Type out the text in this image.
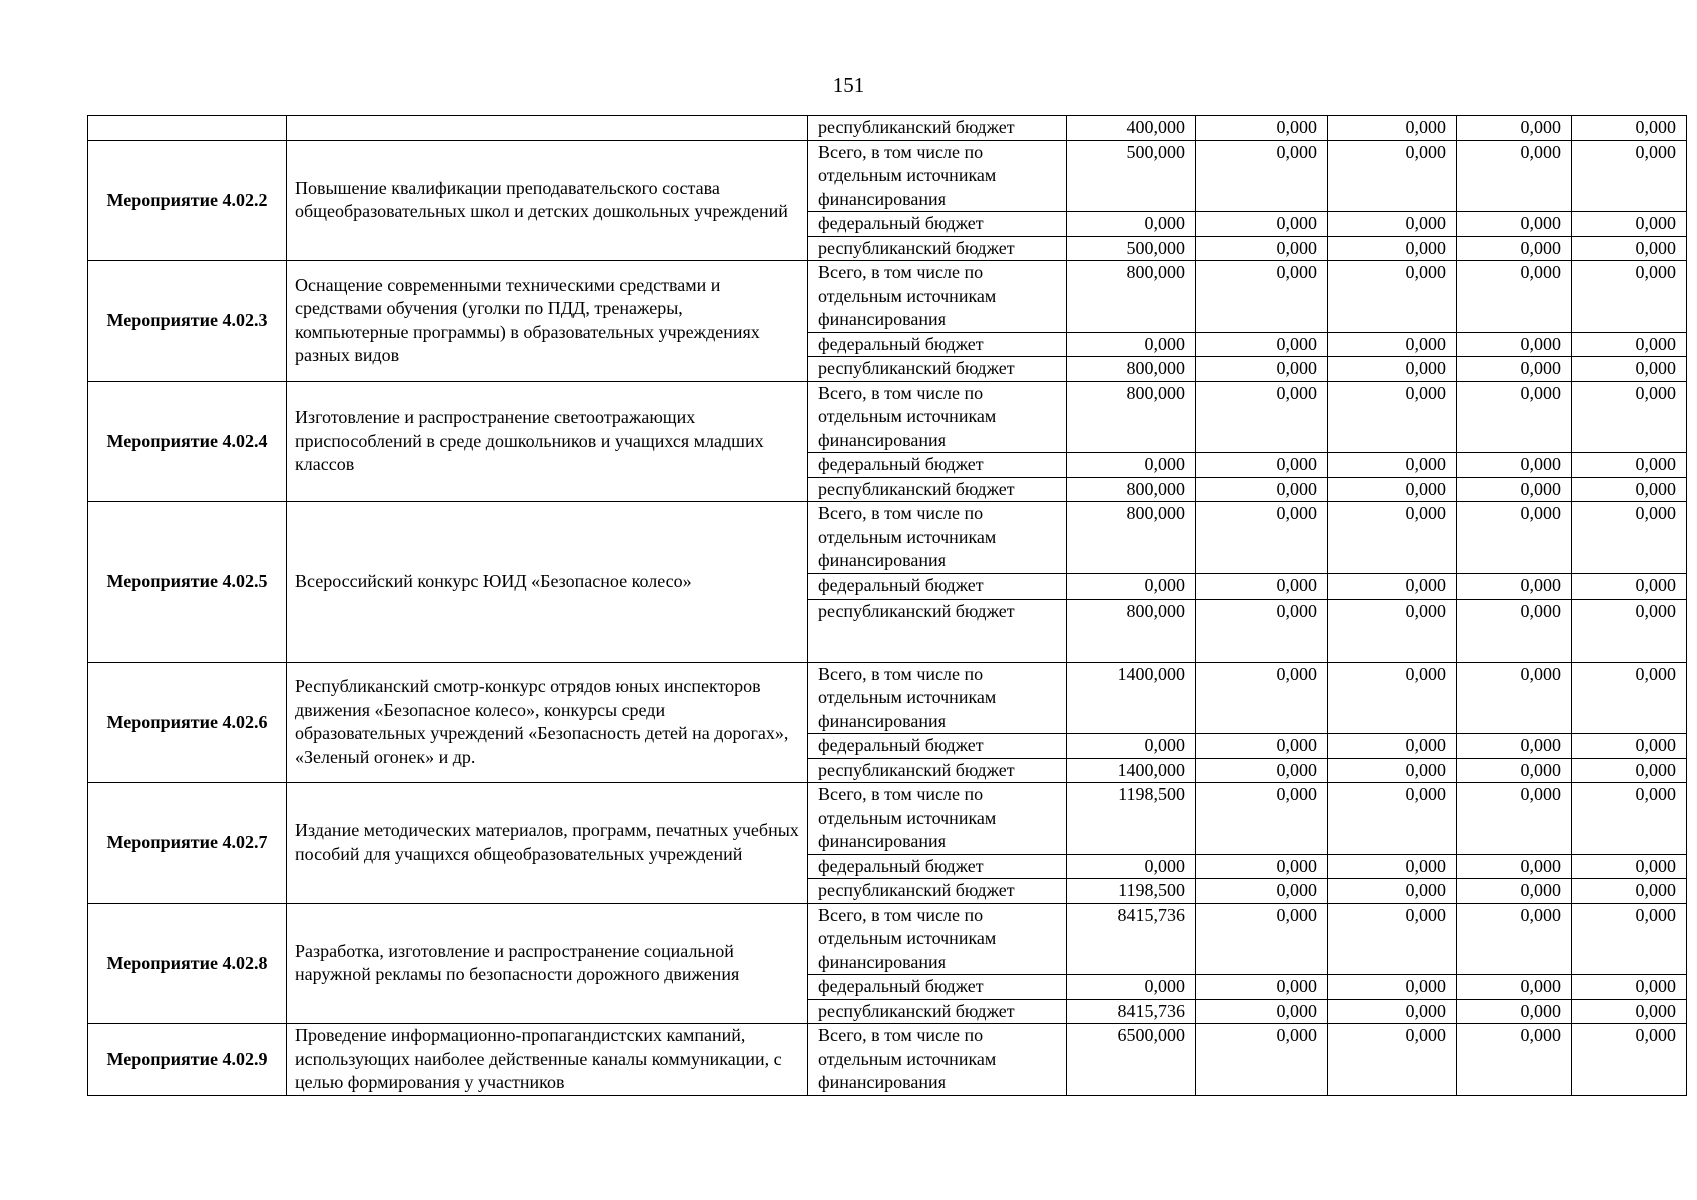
151
		республиканский бюджет	400,000	0,000	0,000	0,000	0,000
Мероприятие 4.02.2	Повышение квалификации преподавательского состава общеобразовательных школ и детских дошкольных учреждений	Всего, в том числе по отдельным источникам финансирования	500,000	0,000	0,000	0,000	0,000
		федеральный бюджет	0,000	0,000	0,000	0,000	0,000
		республиканский бюджет	500,000	0,000	0,000	0,000	0,000
Мероприятие 4.02.3	Оснащение современными техническими средствами и средствами обучения (уголки по ПДД, тренажеры, компьютерные программы) в образовательных учреждениях разных видов	Всего, в том числе по отдельным источникам финансирования	800,000	0,000	0,000	0,000	0,000
		федеральный бюджет	0,000	0,000	0,000	0,000	0,000
		республиканский бюджет	800,000	0,000	0,000	0,000	0,000
Мероприятие 4.02.4	Изготовление и распространение светоотражающих приспособлений в среде дошкольников и учащихся младших классов	Всего, в том числе по отдельным источникам финансирования	800,000	0,000	0,000	0,000	0,000
		федеральный бюджет	0,000	0,000	0,000	0,000	0,000
		республиканский бюджет	800,000	0,000	0,000	0,000	0,000
Мероприятие 4.02.5	Всероссийский конкурс ЮИД «Безопасное колесо»	Всего, в том числе по отдельным источникам финансирования	800,000	0,000	0,000	0,000	0,000
		федеральный бюджет	0,000	0,000	0,000	0,000	0,000
		республиканский бюджет	800,000	0,000	0,000	0,000	0,000
Мероприятие 4.02.6	Республиканский смотр-конкурс отрядов юных инспекторов движения «Безопасное колесо», конкурсы среди образовательных учреждений «Безопасность детей на дорогах», «Зеленый огонек» и др.	Всего, в том числе по отдельным источникам финансирования	1400,000	0,000	0,000	0,000	0,000
		федеральный бюджет	0,000	0,000	0,000	0,000	0,000
		республиканский бюджет	1400,000	0,000	0,000	0,000	0,000
Мероприятие 4.02.7	Издание методических материалов, программ, печатных учебных пособий для учащихся общеобразовательных учреждений	Всего, в том числе по отдельным источникам финансирования	1198,500	0,000	0,000	0,000	0,000
		федеральный бюджет	0,000	0,000	0,000	0,000	0,000
		республиканский бюджет	1198,500	0,000	0,000	0,000	0,000
Мероприятие 4.02.8	Разработка, изготовление и распространение социальной наружной рекламы по безопасности дорожного движения	Всего, в том числе по отдельным источникам финансирования	8415,736	0,000	0,000	0,000	0,000
		федеральный бюджет	0,000	0,000	0,000	0,000	0,000
		республиканский бюджет	8415,736	0,000	0,000	0,000	0,000
Мероприятие 4.02.9	Проведение информационно-пропагандистских кампаний, использующих наиболее действенные каналы коммуникации, с целью формирования у участников	Всего, в том числе по отдельным источникам финансирования	6500,000	0,000	0,000	0,000	0,000
